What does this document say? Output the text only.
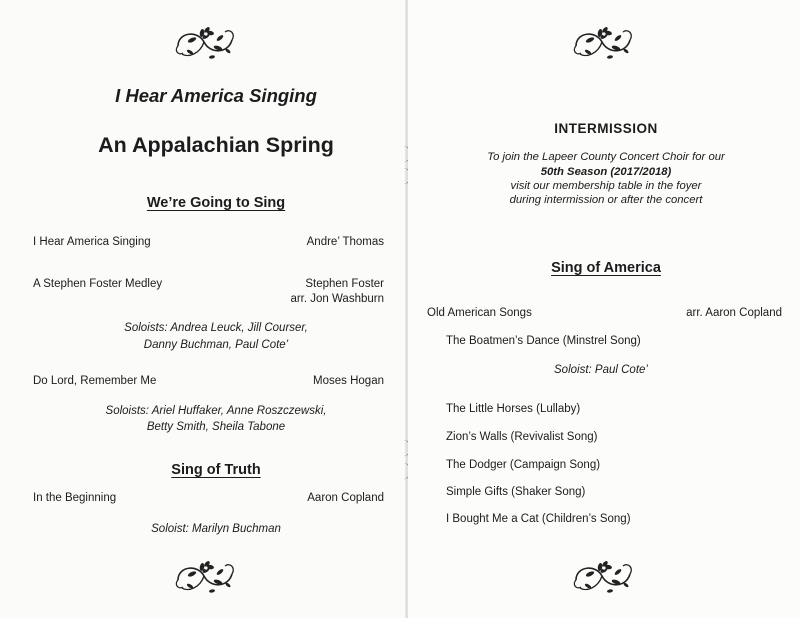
I Hear America Singing
An Appalachian Spring
We’re Going to Sing
I Hear America Singing	Andre’ Thomas
A Stephen Foster Medley	Stephen Foster
arr. Jon Washburn
Soloists: Andrea Leuck, Jill Courser,
Danny Buchman, Paul Cote’
Do Lord, Remember Me	Moses Hogan
Soloists: Ariel Huffaker, Anne Roszczewski,
Betty Smith, Sheila Tabone
Sing of Truth
In the Beginning	Aaron Copland
Soloist: Marilyn Buchman
INTERMISSION
To join the Lapeer County Concert Choir for our
50th Season (2017/2018)
visit our membership table in the foyer
during intermission or after the concert
Sing of America
Old American Songs	arr. Aaron Copland
The Boatmen’s Dance (Minstrel Song)
Soloist: Paul Cote’
The Little Horses (Lullaby)
Zion’s Walls (Revivalist Song)
The Dodger (Campaign Song)
Simple Gifts (Shaker Song)
I Bought Me a Cat (Children’s Song)
